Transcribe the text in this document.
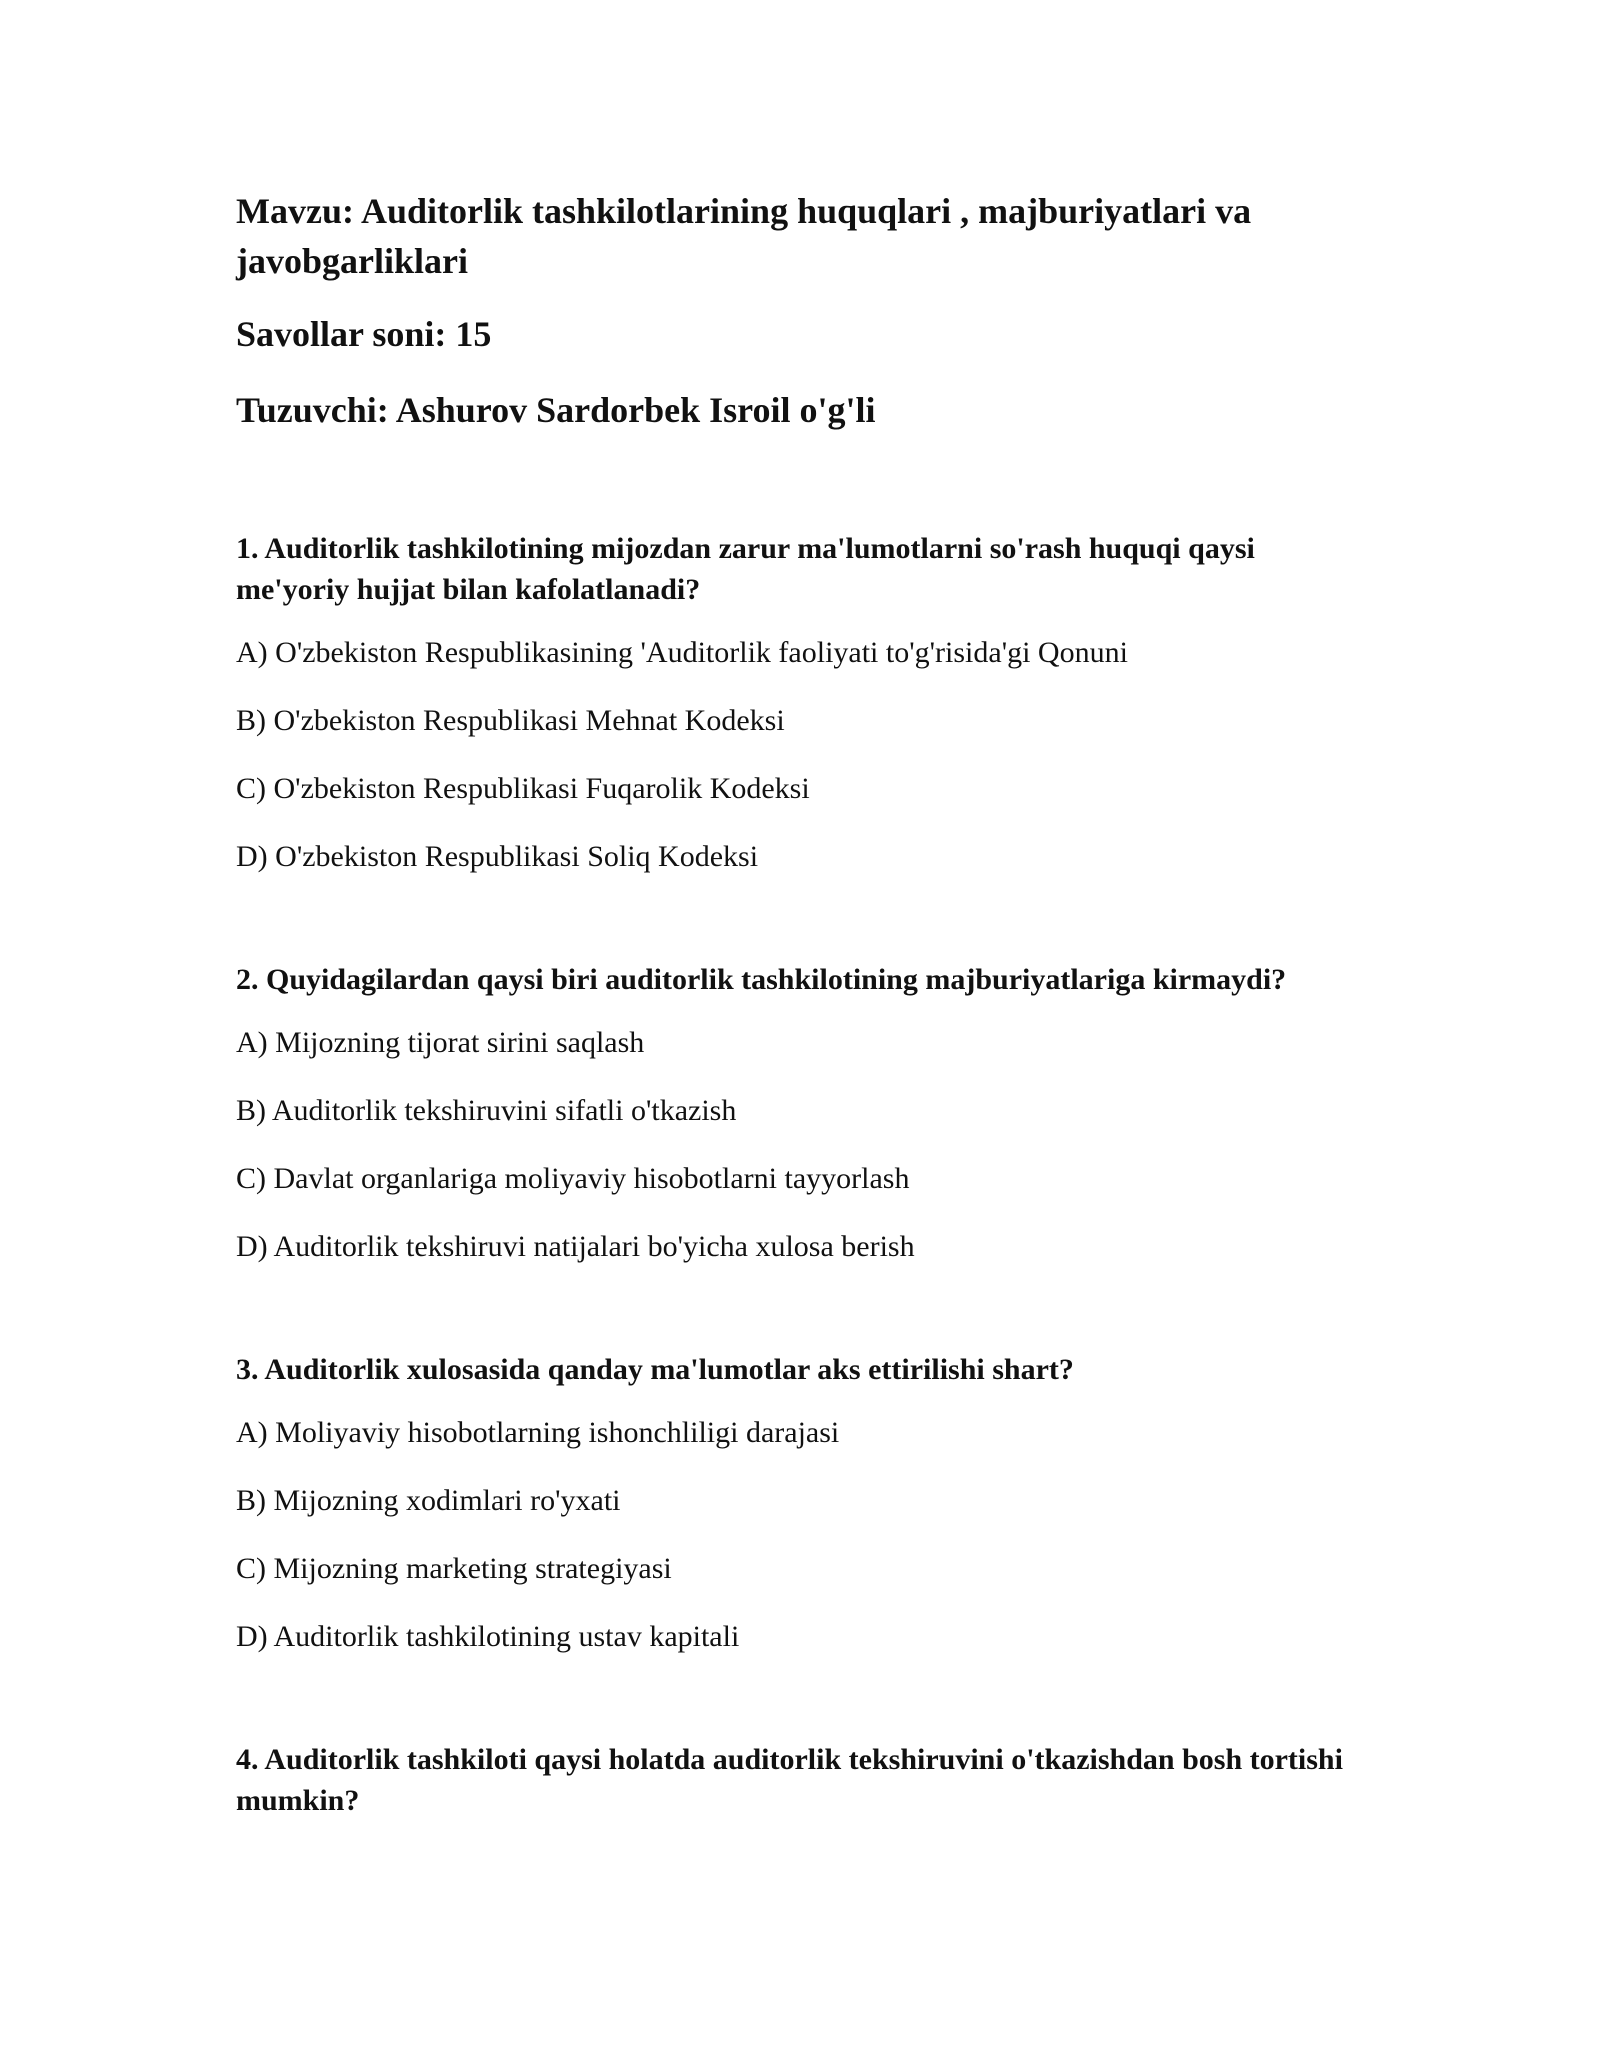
Mavzu: Auditorlik tashkilotlarining huquqlari , majburiyatlari va javobgarliklari
Savollar soni: 15
Tuzuvchi: Ashurov Sardorbek Isroil o'g'li

1. Auditorlik tashkilotining mijozdan zarur ma'lumotlarni so'rash huquqi qaysi me'yoriy hujjat bilan kafolatlanadi?

A) O'zbekiston Respublikasining 'Auditorlik faoliyati to'g'risida'gi Qonuni

B) O'zbekiston Respublikasi Mehnat Kodeksi

C) O'zbekiston Respublikasi Fuqarolik Kodeksi

D) O'zbekiston Respublikasi Soliq Kodeksi

2. Quyidagilardan qaysi biri auditorlik tashkilotining majburiyatlariga kirmaydi?

A) Mijozning tijorat sirini saqlash

B) Auditorlik tekshiruvini sifatli o'tkazish

C) Davlat organlariga moliyaviy hisobotlarni tayyorlash

D) Auditorlik tekshiruvi natijalari bo'yicha xulosa berish

3. Auditorlik xulosasida qanday ma'lumotlar aks ettirilishi shart?

A) Moliyaviy hisobotlarning ishonchliligi darajasi

B) Mijozning xodimlari ro'yxati

C) Mijozning marketing strategiyasi

D) Auditorlik tashkilotining ustav kapitali

4. Auditorlik tashkiloti qaysi holatda auditorlik tekshiruvini o'tkazishdan bosh tortishi mumkin?
